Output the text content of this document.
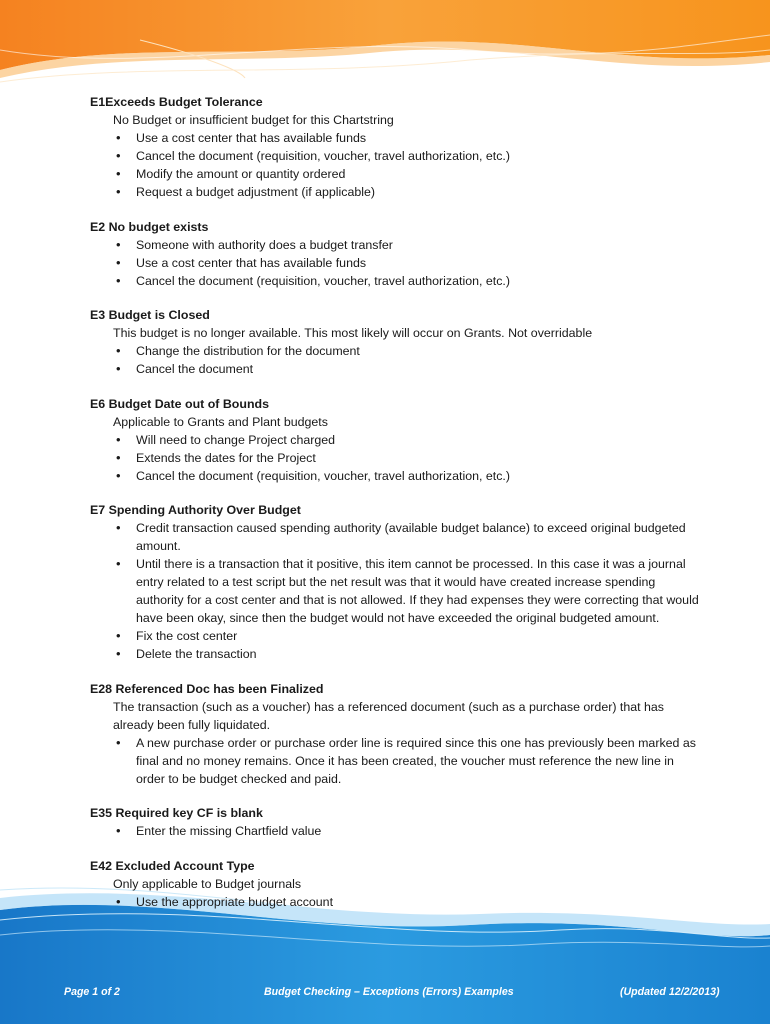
E1Exceeds Budget Tolerance

No Budget or insufficient budget for this Chartstring

• Use a cost center that has available funds
• Cancel the document (requisition, voucher, travel authorization, etc.)
• Modify the amount or quantity ordered
• Request a budget adjustment (if applicable)
E2 No budget exists
• Someone with authority does a budget transfer
• Use a cost center that has available funds
• Cancel the document (requisition, voucher, travel authorization, etc.)
E3 Budget is Closed

This budget is no longer available. This most likely will occur on Grants. Not overridable

• Change the distribution for the document
• Cancel the document
E6 Budget Date out of Bounds

Applicable to Grants and Plant budgets

• Will need to change Project charged
• Extends the dates for the Project
• Cancel the document (requisition, voucher, travel authorization, etc.)
E7 Spending Authority Over Budget
• Credit transaction caused spending authority (available budget balance) to exceed original budgeted amount.
• Until there is a transaction that it positive, this item cannot be processed. In this case it was a journal entry related to a test script but the net result was that it would have created increase spending authority for a cost center and that is not allowed. If they had expenses they were correcting that would have been okay, since then the budget would not have exceeded the original budgeted amount.
• Fix the cost center
• Delete the transaction
E28 Referenced Doc has been Finalized

The transaction (such as a voucher) has a referenced document (such as a purchase order) that has already been fully liquidated.

• A new purchase order or purchase order line is required since this one has previously been marked as final and no money remains. Once it has been created, the voucher must reference the new line in order to be budget checked and paid.
E35 Required key CF is blank
• Enter the missing Chartfield value
E42 Excluded Account Type

Only applicable to Budget journals

• Use the appropriate budget account
Page 1 of 2	Budget Checking – Exceptions (Errors) Examples	(Updated 12/2/2013)
